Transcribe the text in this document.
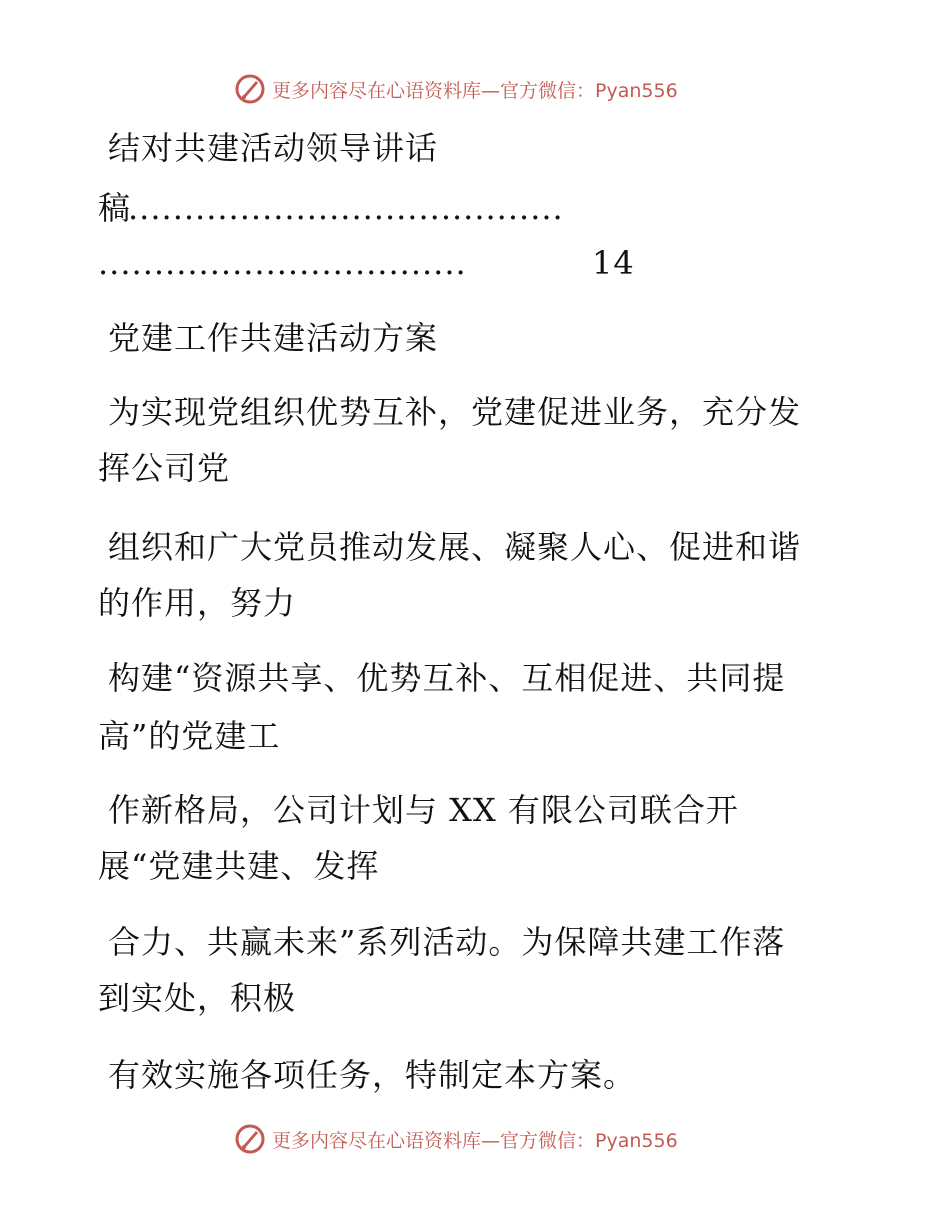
更多内容尽在心语资料库—官方微信：Pyan556
结对共建活动领导讲话
稿
.......................................
.................................	14
党建工作共建活动方案
为实现党组织优势互补，党建促进业务，充分发
挥公司党
组织和广大党员推动发展、凝聚人心、促进和谐
的作用，努力
构建“资源共享、优势互补、互相促进、共同提
高”的党建工
作新格局，公司计划与 XX 有限公司联合开
展“党建共建、发挥
合力、共赢未来”系列活动。为保障共建工作落
到实处，积极
有效实施各项任务，特制定本方案。
更多内容尽在心语资料库—官方微信：Pyan556
